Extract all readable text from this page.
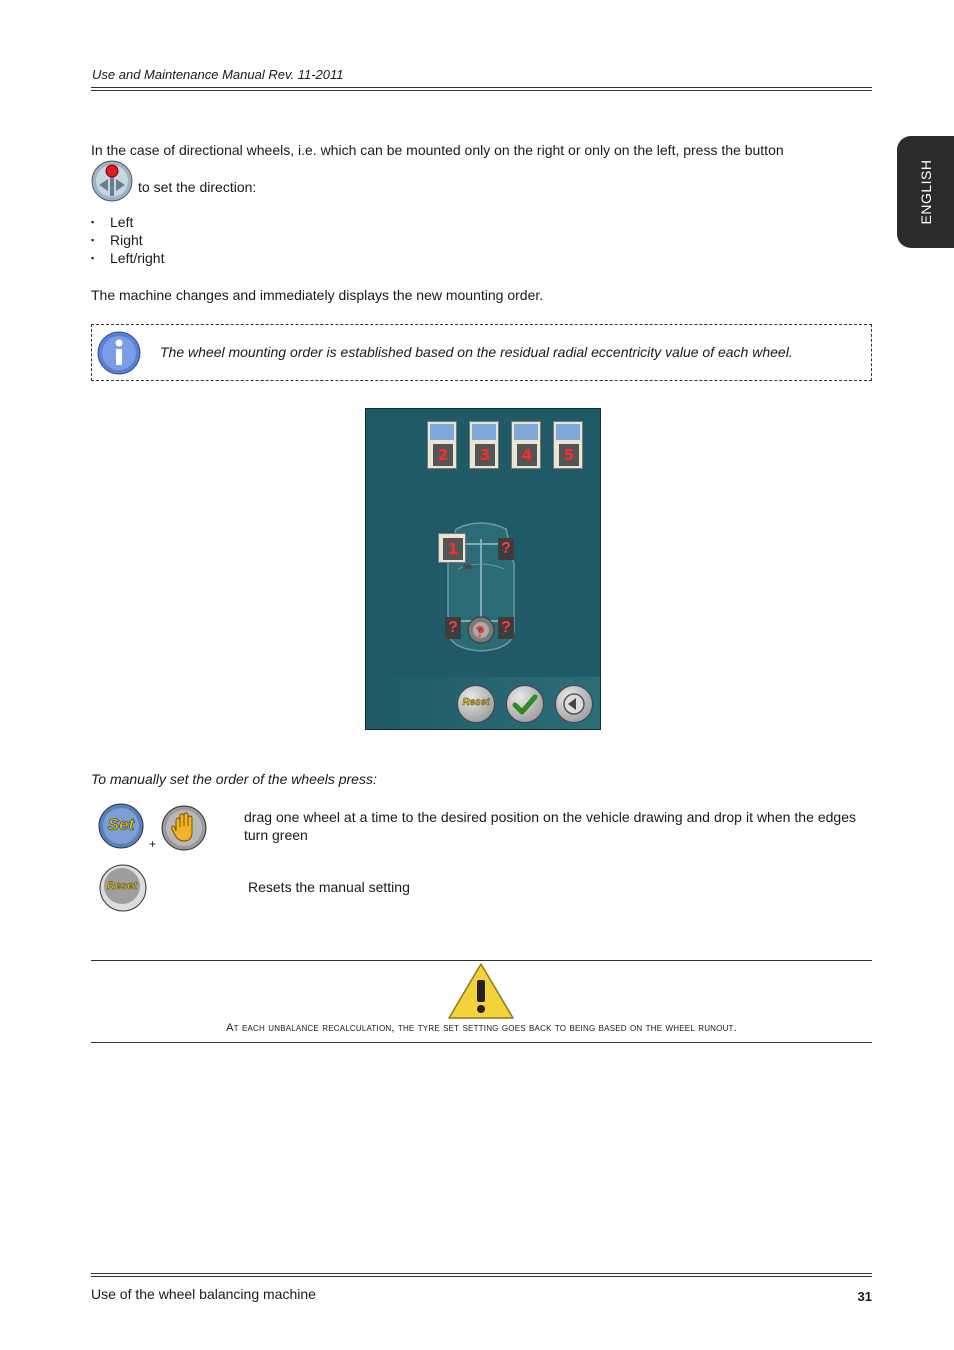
Use and Maintenance Manual Rev. 11-2011
ENGLISH
In the case of directional wheels, i.e. which can be mounted only on the right or only on the left, press the button
to set the direction:
▪ Left
▪ Right
▪ Left/right
The machine changes and immediately displays the new mounting order.
The wheel mounting order is established based on the residual radial eccentricity value of each wheel.
2	3	4	5
1	?
?	?
?
Reset
To manually set the order of the wheels press:
Set
+
drag one wheel at a time to the desired position on the vehicle drawing and drop it when the edges turn green
Reset	Resets the manual setting
At each unbalance recalculation, the tyre set setting goes back to being based on the wheel runout.
Use of the wheel balancing machine	31
